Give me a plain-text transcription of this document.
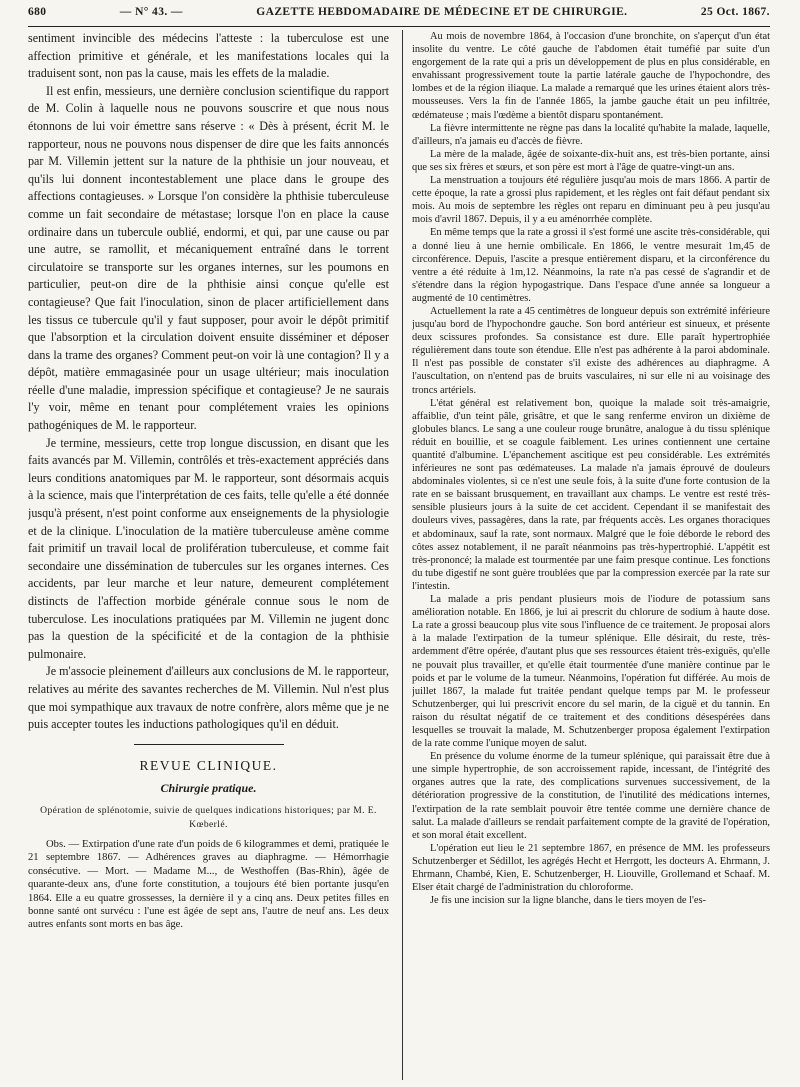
680	— N° 43. —	GAZETTE HEBDOMADAIRE DE MÉDECINE ET DE CHIRURGIE.	25 Oct. 1867.

sentiment invincible des médecins l'atteste : la tuberculose est une affection primitive et générale, et les manifestations locales qui la traduisent sont, non pas la cause, mais les effets de la maladie.

Il est enfin, messieurs, une dernière conclusion scientifique du rapport de M. Colin à laquelle nous ne pouvons souscrire et que nous nous étonnons de lui voir émettre sans réserve : « Dès à présent, écrit M. le rapporteur, nous ne pouvons nous dispenser de dire que les faits annoncés par M. Villemin jettent sur la nature de la phthisie un jour nouveau, et qu'ils lui donnent incontestablement une place dans le groupe des affections contagieuses. » Lorsque l'on considère la phthisie tuberculeuse comme un fait secondaire de métastase; lorsque l'on en place la cause ordinaire dans un tubercule oublié, endormi, et qui, par une cause ou par une autre, se ramollit, et mécaniquement entraîné dans le torrent circulatoire se transporte sur les organes internes, sur les poumons en particulier, peut-on dire de la phthisie ainsi conçue qu'elle est contagieuse? Que fait l'inoculation, sinon de placer artificiellement dans les tissus ce tubercule qu'il y faut supposer, pour avoir le dépôt primitif que l'absorption et la circulation doivent ensuite disséminer et déposer dans la trame des organes? Comment peut-on voir là une contagion? Il y a dépôt, matière emmagasinée pour un usage ultérieur; mais inoculation réelle d'une maladie, impression spécifique et contagieuse? Je ne saurais l'y voir, même en tenant pour complétement vraies les opinions pathogéniques de M. le rapporteur.

Je termine, messieurs, cette trop longue discussion, en disant que les faits avancés par M. Villemin, contrôlés et très-exactement appréciés dans leurs conditions anatomiques par M. le rapporteur, sont désormais acquis à la science, mais que l'interprétation de ces faits, telle qu'elle a été donnée jusqu'à présent, n'est point conforme aux enseignements de la physiologie et de la clinique. L'inoculation de la matière tuberculeuse amène comme fait primitif un travail local de prolifération tuberculeuse, et comme fait secondaire une dissémination de tubercules sur les organes internes. Ces accidents, par leur marche et leur nature, demeurent complétement distincts de l'affection morbide générale connue sous le nom de tuberculose. Les inoculations pratiquées par M. Villemin ne jugent donc pas la question de la spécificité et de la contagion de la phthisie pulmonaire.

Je m'associe pleinement d'ailleurs aux conclusions de M. le rapporteur, relatives au mérite des savantes recherches de M. Villemin. Nul n'est plus que moi sympathique aux travaux de notre confrère, alors même que je ne puis accepter toutes les inductions pathologiques qu'il en déduit.

REVUE CLINIQUE.
Chirurgie pratique.
Opération de splénotomie, suivie de quelques indications historiques; par M. E. Kœberlé.

Obs. — Extirpation d'une rate d'un poids de 6 kilogrammes et demi, pratiquée le 21 septembre 1867. — Adhérences graves au diaphragme. — Hémorrhagie consécutive. — Mort. — Madame M..., de Westhoffen (Bas-Rhin), âgée de quarante-deux ans, d'une forte constitution, a toujours été bien portante jusqu'en 1864. Elle a eu quatre grossesses, la dernière il y a cinq ans. Deux petites filles en bonne santé ont survécu : l'une est âgée de sept ans, l'autre de neuf ans. Les deux autres enfants sont morts en bas âge.

Au mois de novembre 1864, à l'occasion d'une bronchite, on s'aperçut d'un état insolite du ventre. Le côté gauche de l'abdomen était tuméfié par suite d'un engorgement de la rate qui a pris un développement de plus en plus considérable, en envahissant progressivement toute la partie latérale gauche de l'hypochondre, des lombes et de la région iliaque. La malade a remarqué que les urines étaient alors très-mousseuses. Vers la fin de l'année 1865, la jambe gauche était un peu infiltrée, œdémateuse ; mais l'œdème a bientôt disparu spontanément.

La fièvre intermittente ne règne pas dans la localité qu'habite la malade, laquelle, d'ailleurs, n'a jamais eu d'accès de fièvre.

La mère de la malade, âgée de soixante-dix-huit ans, est très-bien portante, ainsi que ses six frères et sœurs, et son père est mort à l'âge de quatre-vingt-un ans.

La menstruation a toujours été régulière jusqu'au mois de mars 1866. A partir de cette époque, la rate a grossi plus rapidement, et les règles ont fait défaut pendant six mois. Au mois de septembre les règles ont reparu en diminuant peu à peu jusqu'au mois d'avril 1867. Depuis, il y a eu aménorrhée complète.

En même temps que la rate a grossi il s'est formé une ascite très-considérable, qui a donné lieu à une hernie ombilicale. En 1866, le ventre mesurait 1m,45 de circonférence. Depuis, l'ascite a presque entièrement disparu, et la circonférence du ventre a été réduite à 1m,12. Néanmoins, la rate n'a pas cessé de s'agrandir et de s'étendre dans la région hypogastrique. Dans l'espace d'une année sa longueur a augmenté de 10 centimètres.

Actuellement la rate a 45 centimètres de longueur depuis son extrémité inférieure jusqu'au bord de l'hypochondre gauche. Son bord antérieur est sinueux, et présente deux scissures profondes. Sa consistance est dure. Elle paraît hypertrophiée régulièrement dans toute son étendue. Elle n'est pas adhérente à la paroi abdominale. Il n'est pas possible de constater s'il existe des adhérences au diaphragme. A l'auscultation, on n'entend pas de bruits vasculaires, ni sur elle ni au voisinage des troncs artériels.

L'état général est relativement bon, quoique la malade soit très-amaigrie, affaiblie, d'un teint pâle, grisâtre, et que le sang renferme environ un dixième de globules blancs. Le sang a une couleur rouge brunâtre, analogue à du tissu splénique réduit en bouillie, et se coagule faiblement. Les urines contiennent une certaine quantité d'albumine. L'épanchement ascitique est peu considérable. Les extrémités inférieures ne sont pas œdémateuses. La malade n'a jamais éprouvé de douleurs abdominales violentes, si ce n'est une seule fois, à la suite d'une forte contusion de la rate en se baissant brusquement, en travaillant aux champs. Le ventre est resté très-sensible plusieurs jours à la suite de cet accident. Cependant il se manifestait des douleurs vives, passagères, dans la rate, par fréquents accès. Les organes thoraciques et abdominaux, sauf la rate, sont normaux. Malgré que le foie déborde le rebord des côtes assez notablement, il ne paraît néanmoins pas très-hypertrophié. L'appétit est très-prononcé; la malade est tourmentée par une faim presque continue. Les fonctions du tube digestif ne sont guère troublées que par la compression exercée par la rate sur l'intestin.

La malade a pris pendant plusieurs mois de l'iodure de potassium sans amélioration notable. En 1866, je lui ai prescrit du chlorure de sodium à haute dose. La rate a grossi beaucoup plus vite sous l'influence de ce traitement. Je proposai alors à la malade l'extirpation de la tumeur splénique. Elle désirait, du reste, très-ardemment d'être opérée, d'autant plus que ses ressources étaient très-exiguës, qu'elle ne pouvait plus travailler, et qu'elle était tourmentée d'une manière continue par le poids et par le volume de la tumeur. Néanmoins, l'opération fut différée. Au mois de juillet 1867, la malade fut traitée pendant quelque temps par M. le professeur Schutzenberger, qui lui prescrivit encore du sel marin, de la ciguë et du tannin. En raison du résultat négatif de ce traitement et des conditions désespérées dans lesquelles se trouvait la malade, M. Schutzenberger proposa également l'extirpation de la rate comme l'unique moyen de salut.

En présence du volume énorme de la tumeur splénique, qui paraissait être due à une simple hypertrophie, de son accroissement rapide, incessant, de l'intégrité des organes autres que la rate, des complications survenues successivement, de la détérioration progressive de la constitution, de l'inutilité des médications internes, l'extirpation de la rate semblait pouvoir être tentée comme une dernière chance de salut. La malade d'ailleurs se rendait parfaitement compte de la gravité de l'opération, et son moral était excellent.

L'opération eut lieu le 21 septembre 1867, en présence de MM. les professeurs Schutzenberger et Sédillot, les agrégés Hecht et Herrgott, les docteurs A. Ehrmann, J. Ehrmann, Chambé, Kien, E. Schutzenberger, H. Liouville, Grollemand et Schaaf. M. Elser était chargé de l'administration du chloroforme.

Je fis une incision sur la ligne blanche, dans le tiers moyen de l'es-
